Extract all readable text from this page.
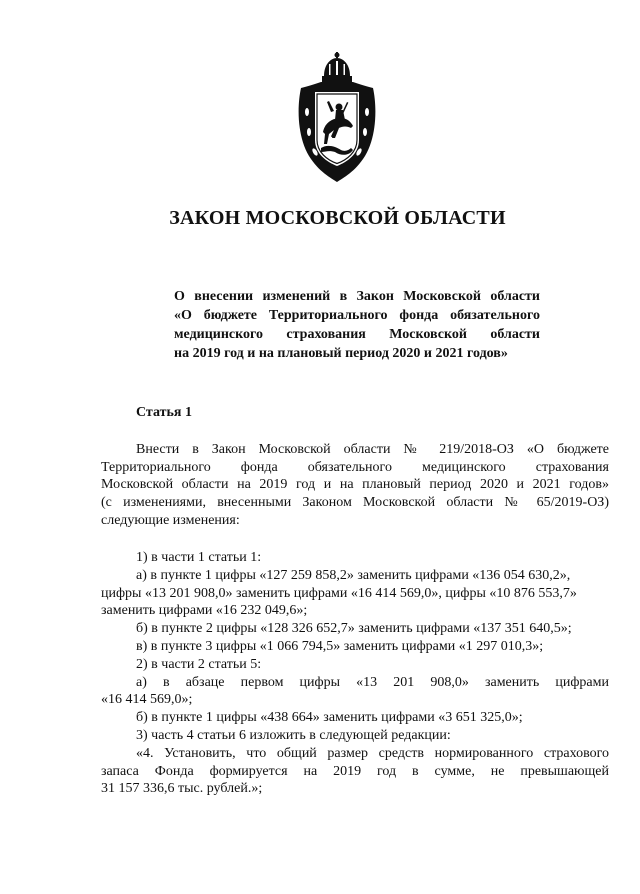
ЗАКОН МОСКОВСКОЙ ОБЛАСТИ

О внесении изменений в Закон Московской области
«О бюджете Территориального фонда обязательного
медицинского страхования Московской области
на 2019 год и на плановый период 2020 и 2021 годов»

Статья 1
Внести в Закон Московской области № 219/2018-ОЗ «О бюджете
Территориального фонда обязательного медицинского страхования
Московской области на 2019 год и на плановый период 2020 и 2021 годов»
(с изменениями, внесенными Законом Московской области № 65/2019-ОЗ)
следующие изменения:
1) в части 1 статьи 1:
а) в пункте 1 цифры «127 259 858,2» заменить цифрами «136 054 630,2»,
цифры «13 201 908,0» заменить цифрами «16 414 569,0», цифры «10 876 553,7»
заменить цифрами «16 232 049,6»;
б) в пункте 2 цифры «128 326 652,7» заменить цифрами «137 351 640,5»;
в) в пункте 3 цифры «1 066 794,5» заменить цифрами «1 297 010,3»;
2) в части 2 статьи 5:
а) в абзаце первом цифры «13 201 908,0» заменить цифрами
«16 414 569,0»;
б) в пункте 1 цифры «438 664» заменить цифрами «3 651 325,0»;
3) часть 4 статьи 6 изложить в следующей редакции:
«4. Установить, что общий размер средств нормированного страхового
запаса Фонда формируется на 2019 год в сумме, не превышающей
31 157 336,6 тыс. рублей.»;
